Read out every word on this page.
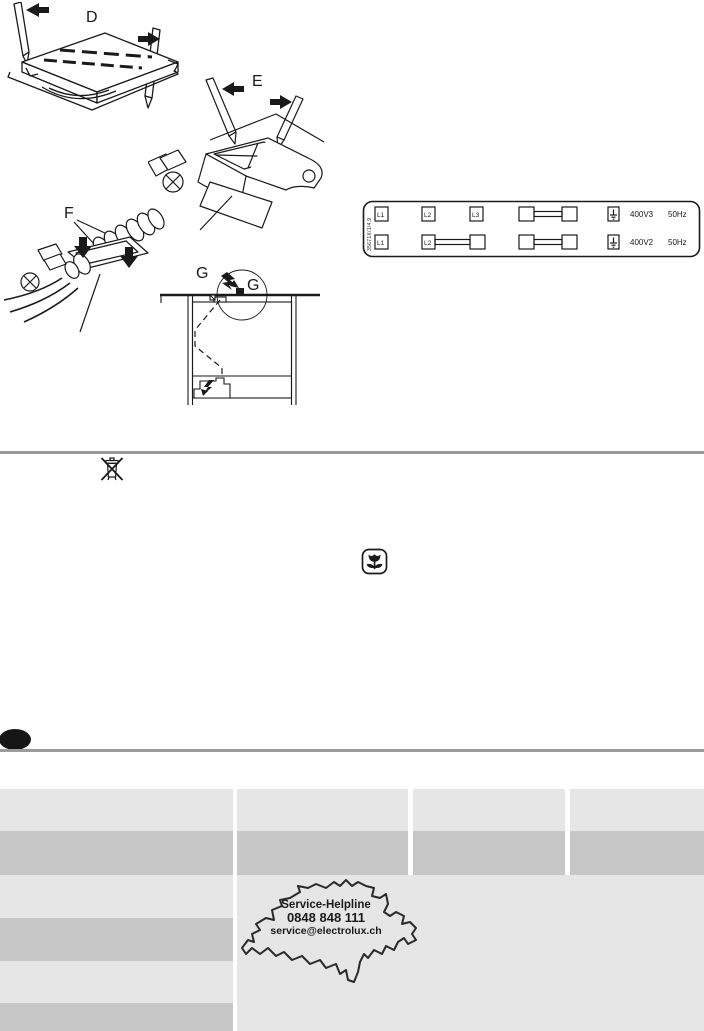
D
E
F
G
G
35671X/1/4,9
L1	L2	L3	400V3 50Hz
L1	L2	400V2 50Hz
Service-Helpline
0848 848 111
service@electrolux.ch
